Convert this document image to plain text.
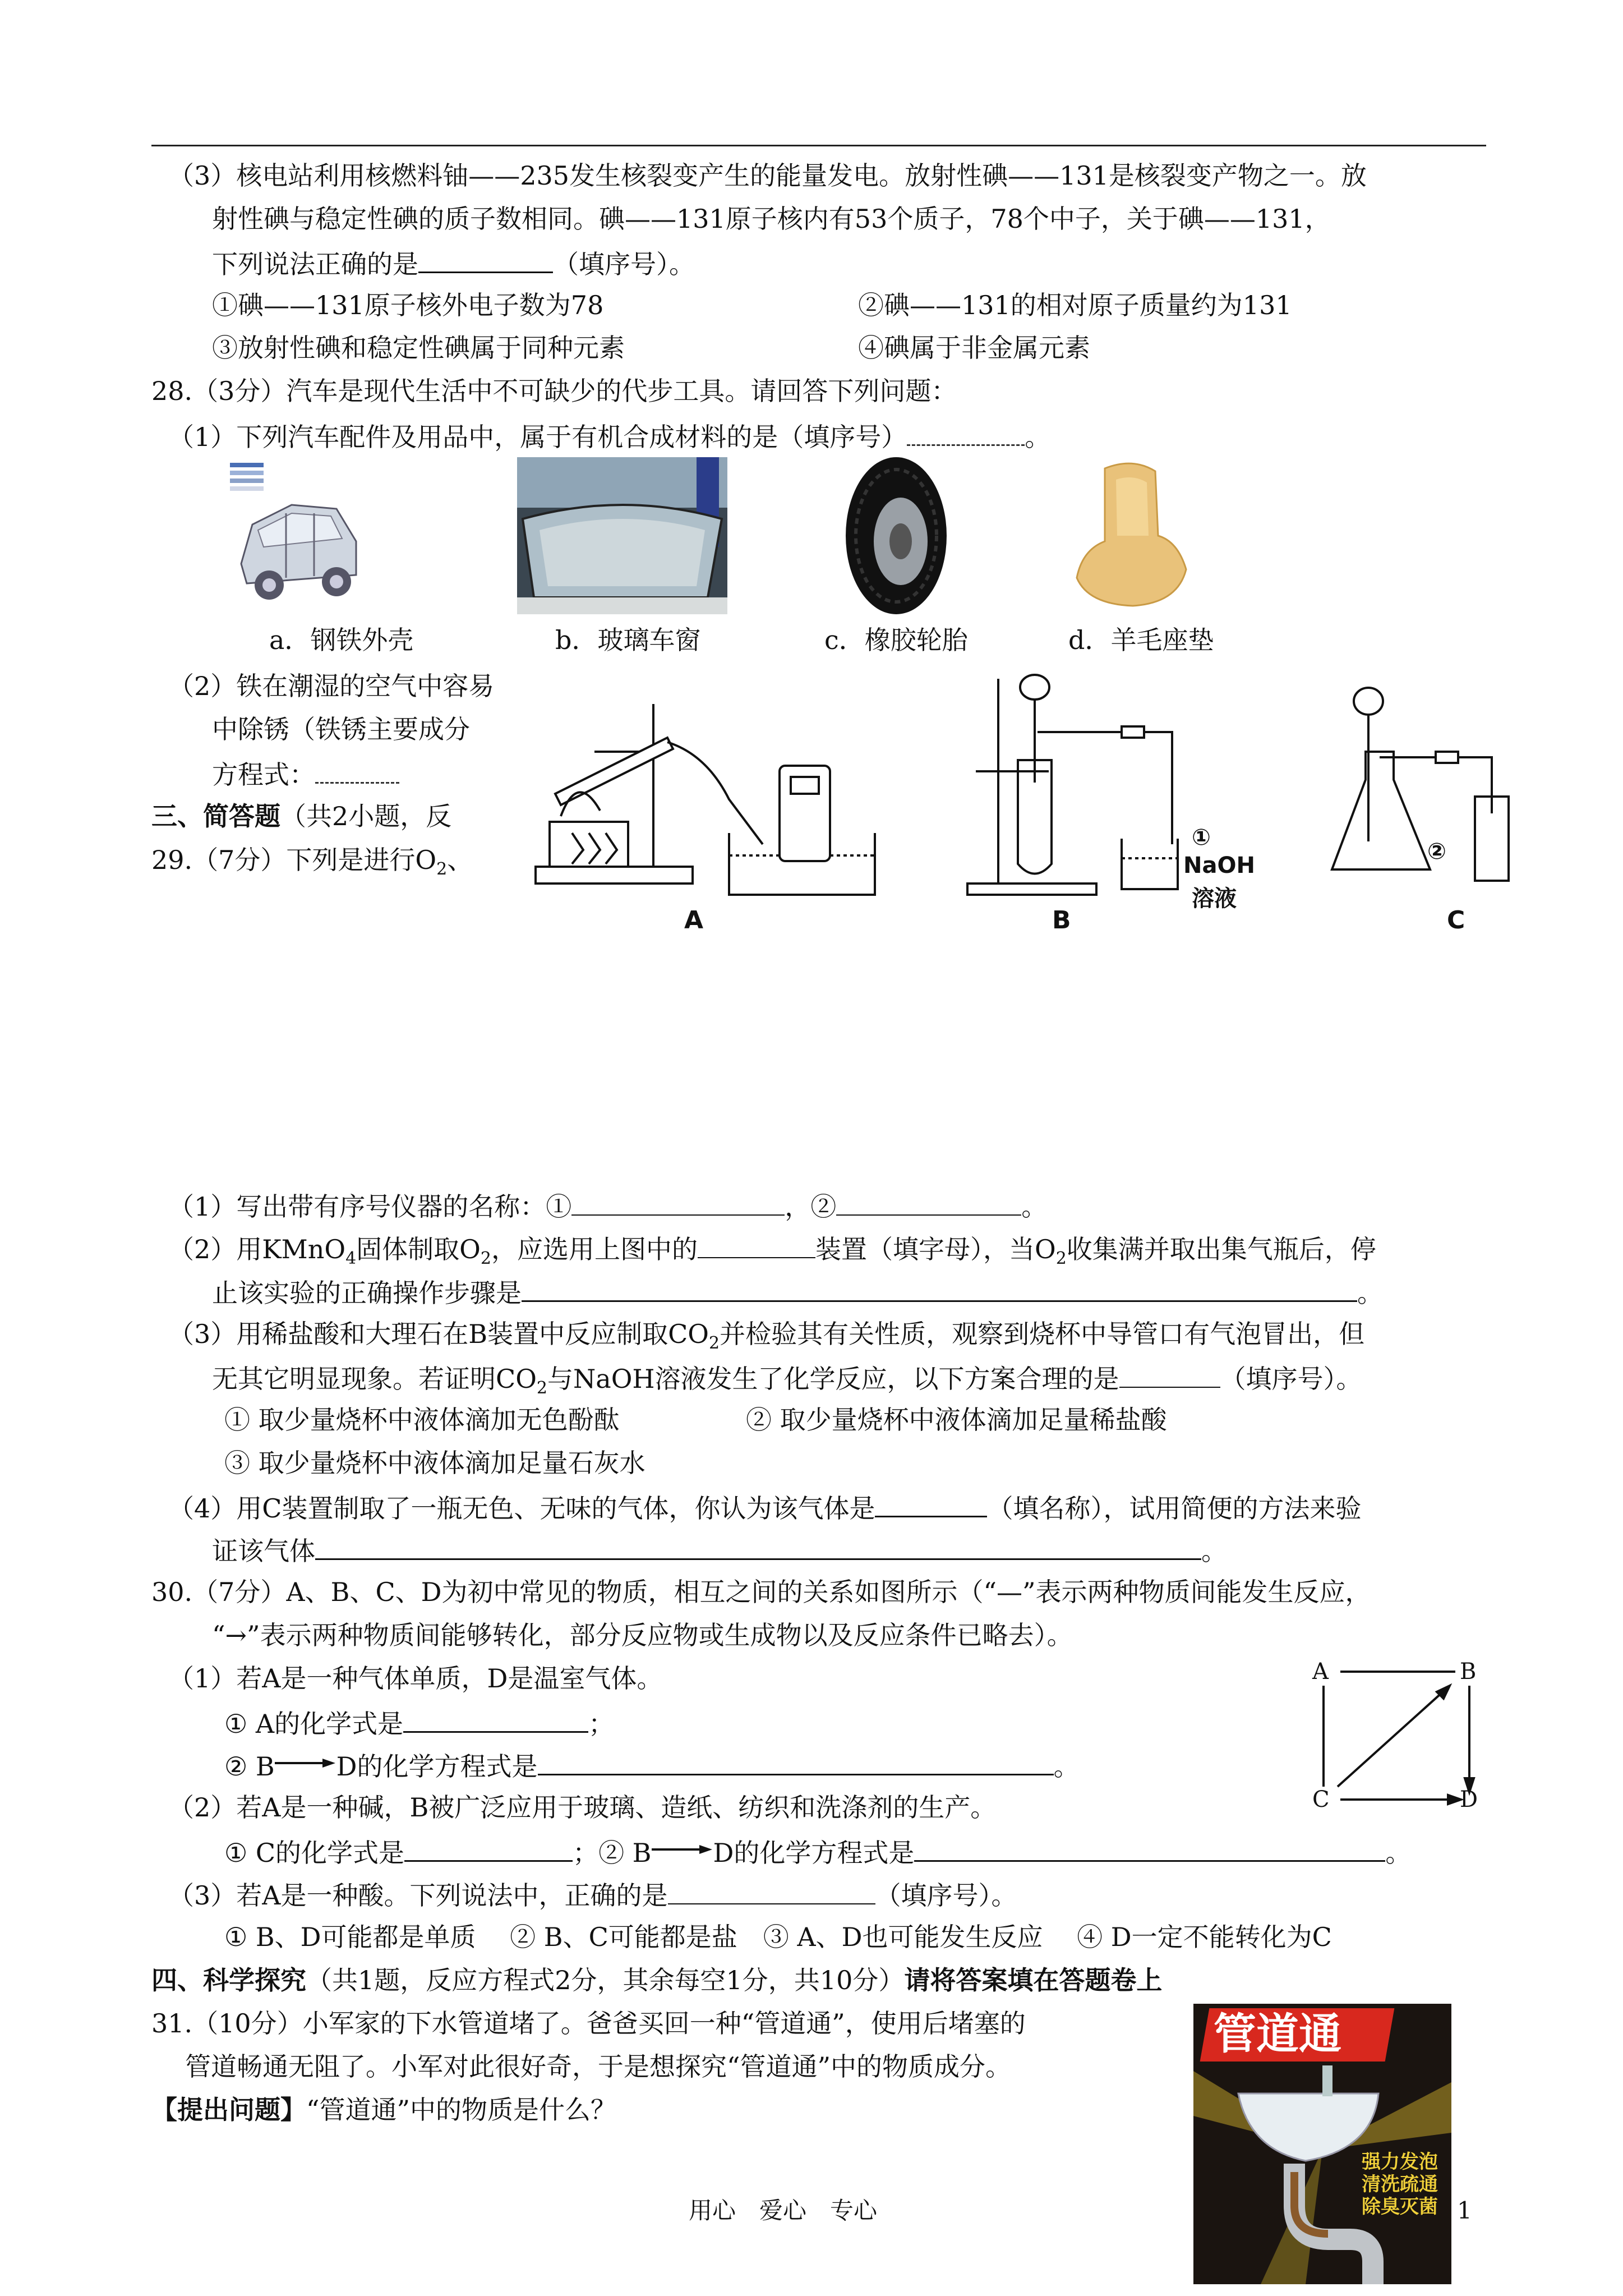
（3）核电站利用核燃料铀——235发生核裂变产生的能量发电。放射性碘——131是核裂变产物之一。放
射性碘与稳定性碘的质子数相同。碘——131原子核内有53个质子，78个中子，关于碘——131，
下列说法正确的是	（填序号）。
①碘——131原子核外电子数为78	②碘——131的相对原子质量约为131
③放射性碘和稳定性碘属于同种元素	④碘属于非金属元素
28.（3分）汽车是现代生活中不可缺少的代步工具。请回答下列问题：
（1）下列汽车配件及用品中，属于有机合成材料的是（填序号）	。
a．钢铁外壳	b．玻璃车窗	c．橡胶轮胎	d．羊毛座垫
（2）铁在潮湿的空气中容易
中除锈（铁锈主要成分
方程式：
三、简答题（共2小题，反
29.（7分）下列是进行$O_2$、
A
①
NaOH
溶液
B
②
C
（1）写出带有序号仪器的名称：①	，②	。
（2）用KMnO$_4$固体制取$O_2$，应选用上图中的	装置（填字母），当$O_2$收集满并取出集气瓶后，停
止该实验的正确操作步骤是	。
（3）用稀盐酸和大理石在B装置中反应制取$CO_2$并检验其有关性质，观察到烧杯中导管口有气泡冒出，但
无其它明显现象。若证明$CO_2$与NaOH溶液发生了化学反应，以下方案合理的是	（填序号）。
① 取少量烧杯中液体滴加无色酚酞	② 取少量烧杯中液体滴加足量稀盐酸
③ 取少量烧杯中液体滴加足量石灰水
（4）用C装置制取了一瓶无色、无味的气体，你认为该气体是	（填名称），试用简便的方法来验
证该气体	。
30.（7分）A、B、C、D为初中常见的物质，相互之间的关系如图所示（“—”表示两种物质间能发生反应，
“→”表示两种物质间能够转化，部分反应物或生成物以及反应条件已略去）。
（1）若A是一种气体单质，D是温室气体。
① A的化学式是	；
② B D的化学方程式是	。
（2）若A是一种碱，B被广泛应用于玻璃、造纸、纺织和洗涤剂的生产。
① C的化学式是	；② B D的化学方程式是	。
（3）若A是一种酸。下列说法中，正确的是	（填序号）。
① B、D可能都是单质　 ② B、C可能都是盐　③ A、D也可能发生反应　 ④ D一定不能转化为C
A	B
C	D
四、科学探究（共1题，反应方程式2分，其余每空1分，共10分）请将答案填在答题卷上
31.（10分）小军家的下水管道堵了。爸爸买回一种“管道通”，使用后堵塞的
管道畅通无阻了。小军对此很好奇，于是想探究“管道通”中的物质成分。
【提出问题】“管道通”中的物质是什么？
管道通
强力发泡
清洗疏通
除臭灭菌
用心　爱心　专心	1
